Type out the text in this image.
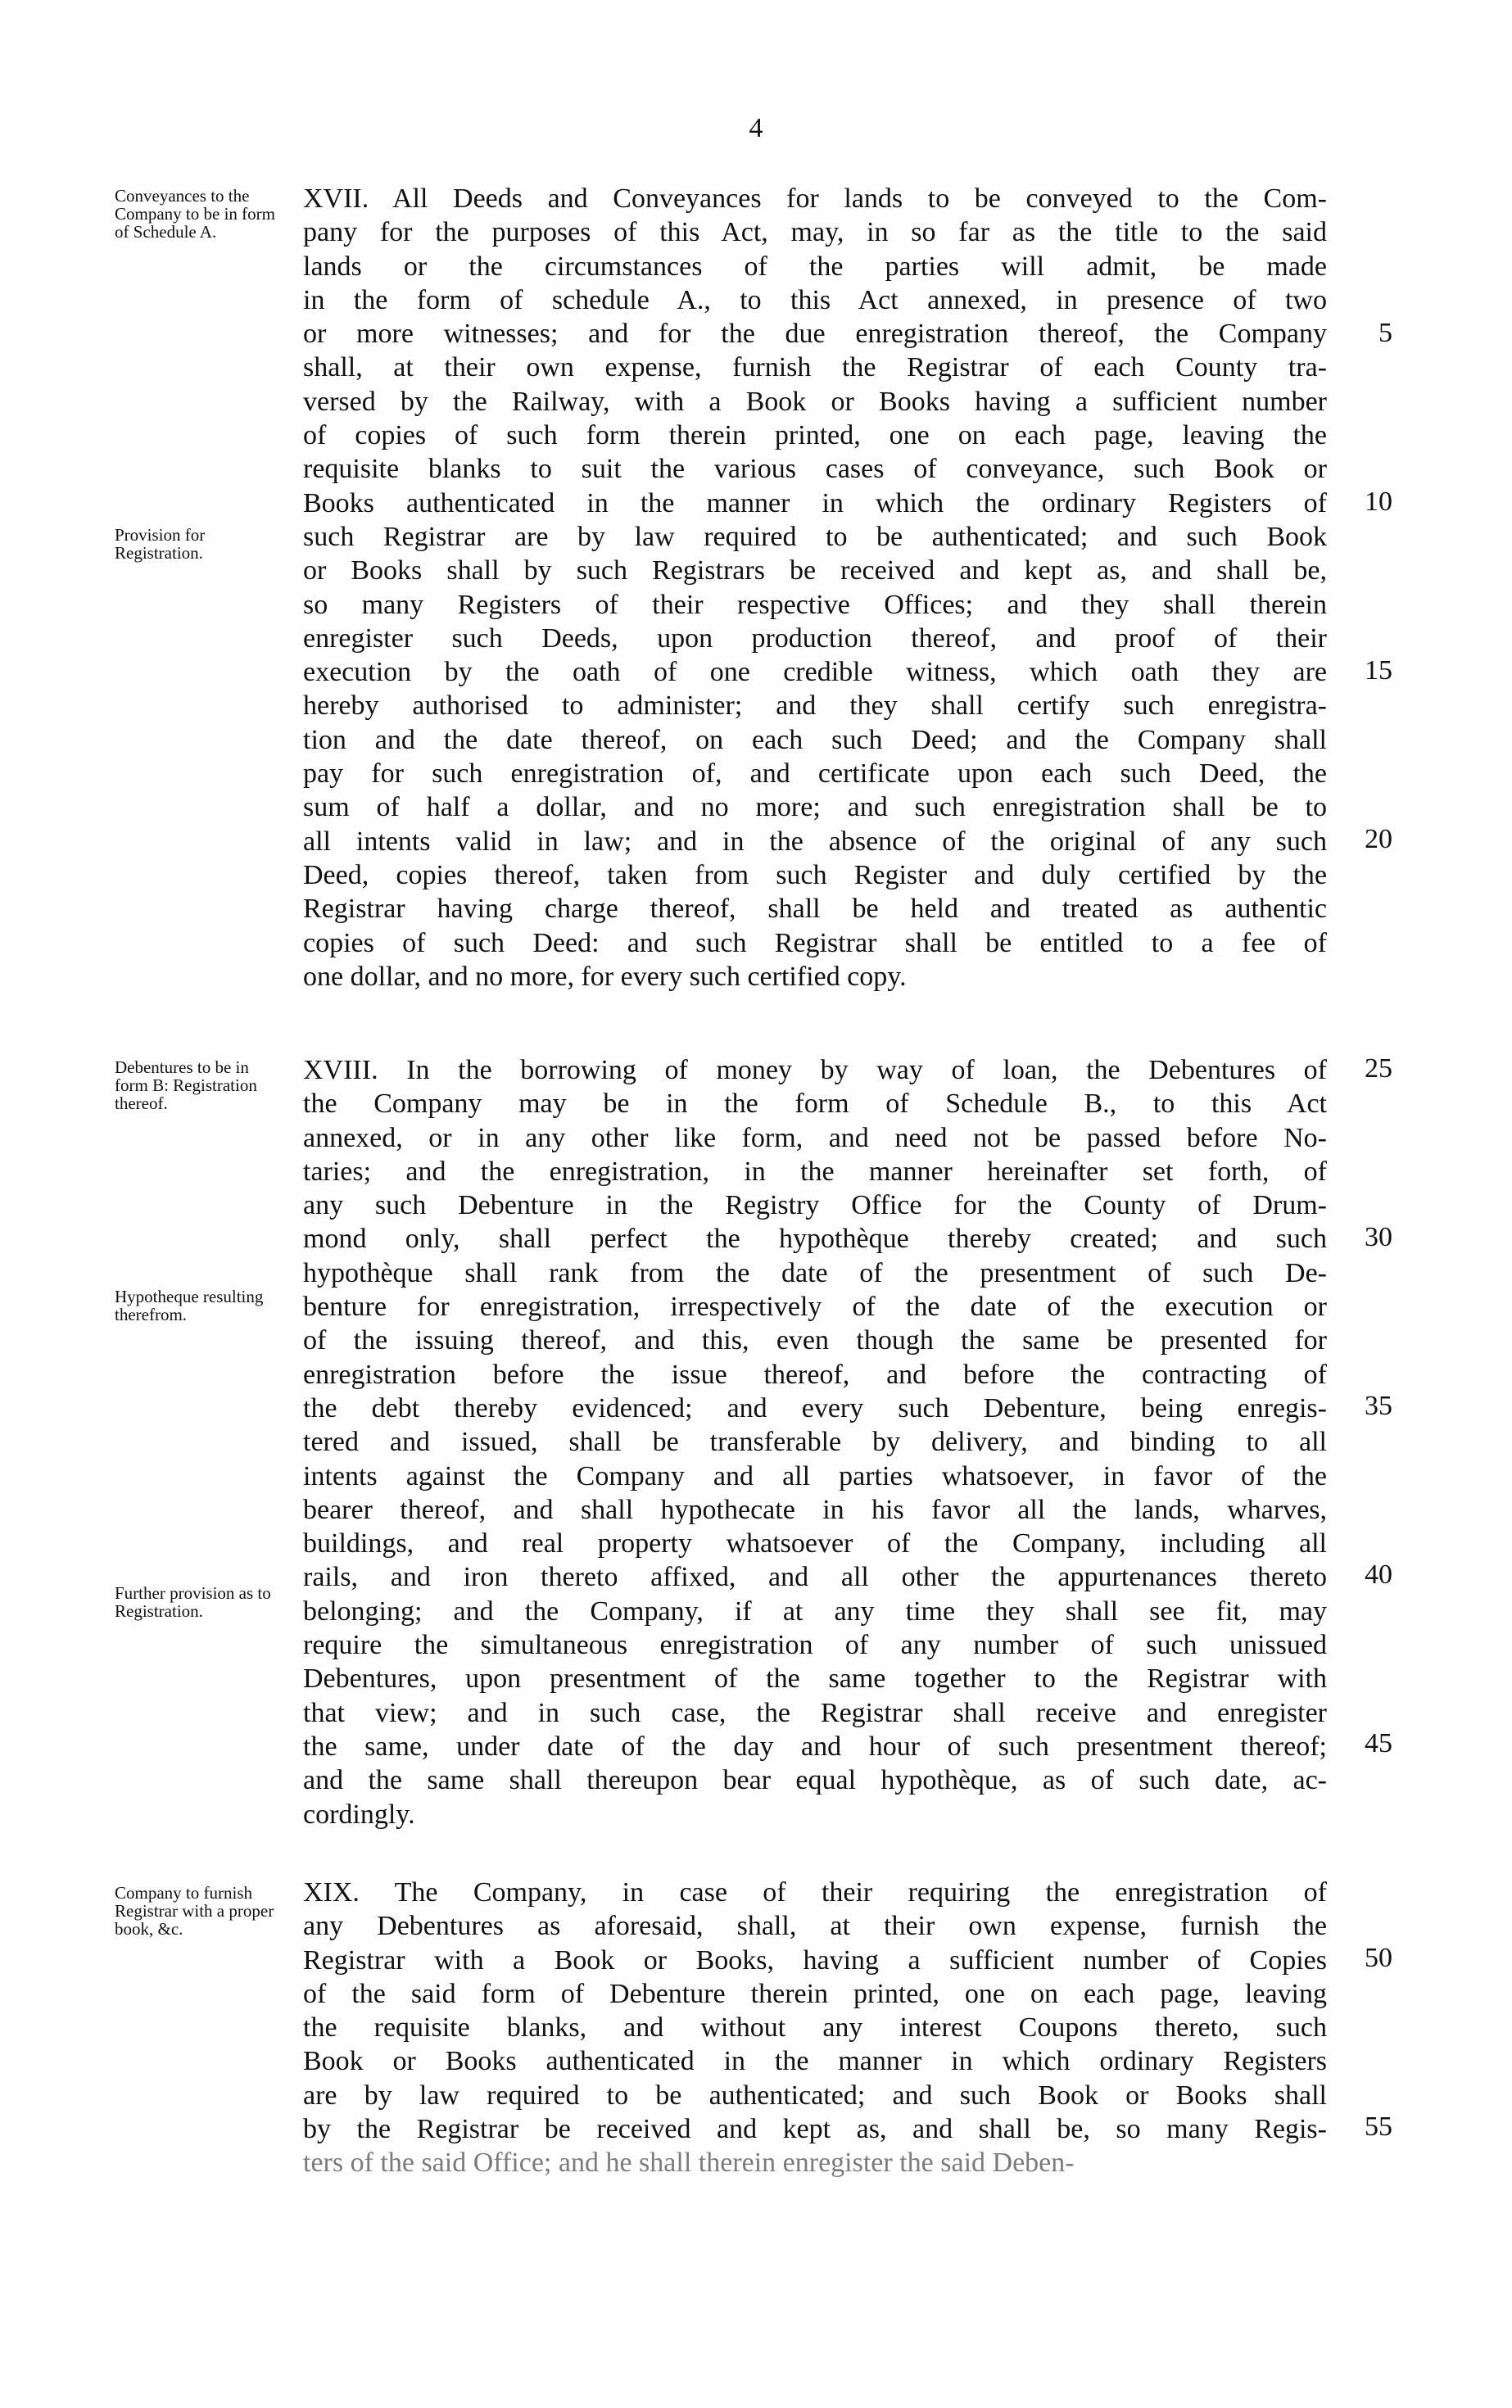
4
Conveyances to the Company to be in form of Schedule A.
Provision for Registration.
Debentures to be in form B: Registration thereof.
Hypotheque resulting therefrom.
Further provision as to Registration.
Company to furnish Registrar with a proper book, &c.
XVII. All Deeds and Conveyances for lands to be conveyed to the Com-
pany for the purposes of this Act, may, in so far as the title to the said
lands or the circumstances of the parties will admit, be made
in the form of schedule A., to this Act annexed, in presence of two
or more witnesses; and for the due enregistration thereof, the Company
shall, at their own expense, furnish the Registrar of each County tra-
versed by the Railway, with a Book or Books having a sufficient number
of copies of such form therein printed, one on each page, leaving the
requisite blanks to suit the various cases of conveyance, such Book or
Books authenticated in the manner in which the ordinary Registers of
such Registrar are by law required to be authenticated; and such Book
or Books shall by such Registrars be received and kept as, and shall be,
so many Registers of their respective Offices; and they shall therein
enregister such Deeds, upon production thereof, and proof of their
execution by the oath of one credible witness, which oath they are
hereby authorised to administer; and they shall certify such enregistra-
tion and the date thereof, on each such Deed; and the Company shall
pay for such enregistration of, and certificate upon each such Deed, the
sum of half a dollar, and no more; and such enregistration shall be to
all intents valid in law; and in the absence of the original of any such
Deed, copies thereof, taken from such Register and duly certified by the
Registrar having charge thereof, shall be held and treated as authentic
copies of such Deed: and such Registrar shall be entitled to a fee of
one dollar, and no more, for every such certified copy.
XVIII. In the borrowing of money by way of loan, the Debentures of
the Company may be in the form of Schedule B., to this Act
annexed, or in any other like form, and need not be passed before No-
taries; and the enregistration, in the manner hereinafter set forth, of
any such Debenture in the Registry Office for the County of Drum-
mond only, shall perfect the hypothèque thereby created; and such
hypothèque shall rank from the date of the presentment of such De-
benture for enregistration, irrespectively of the date of the execution or
of the issuing thereof, and this, even though the same be presented for
enregistration before the issue thereof, and before the contracting of
the debt thereby evidenced; and every such Debenture, being enregis-
tered and issued, shall be transferable by delivery, and binding to all
intents against the Company and all parties whatsoever, in favor of the
bearer thereof, and shall hypothecate in his favor all the lands, wharves,
buildings, and real property whatsoever of the Company, including all
rails, and iron thereto affixed, and all other the appurtenances thereto
belonging; and the Company, if at any time they shall see fit, may
require the simultaneous enregistration of any number of such unissued
Debentures, upon presentment of the same together to the Registrar with
that view; and in such case, the Registrar shall receive and enregister
the same, under date of the day and hour of such presentment thereof;
and the same shall thereupon bear equal hypothèque, as of such date, ac-
cordingly.
XIX. The Company, in case of their requiring the enregistration of
any Debentures as aforesaid, shall, at their own expense, furnish the
Registrar with a Book or Books, having a sufficient number of Copies
of the said form of Debenture therein printed, one on each page, leaving
the requisite blanks, and without any interest Coupons thereto, such
Book or Books authenticated in the manner in which ordinary Registers
are by law required to be authenticated; and such Book or Books shall
by the Registrar be received and kept as, and shall be, so many Regis-
ters of the said Office; and he shall therein enregister the said Deben-
5
10
15
20
25
30
35
40
45
50
55
